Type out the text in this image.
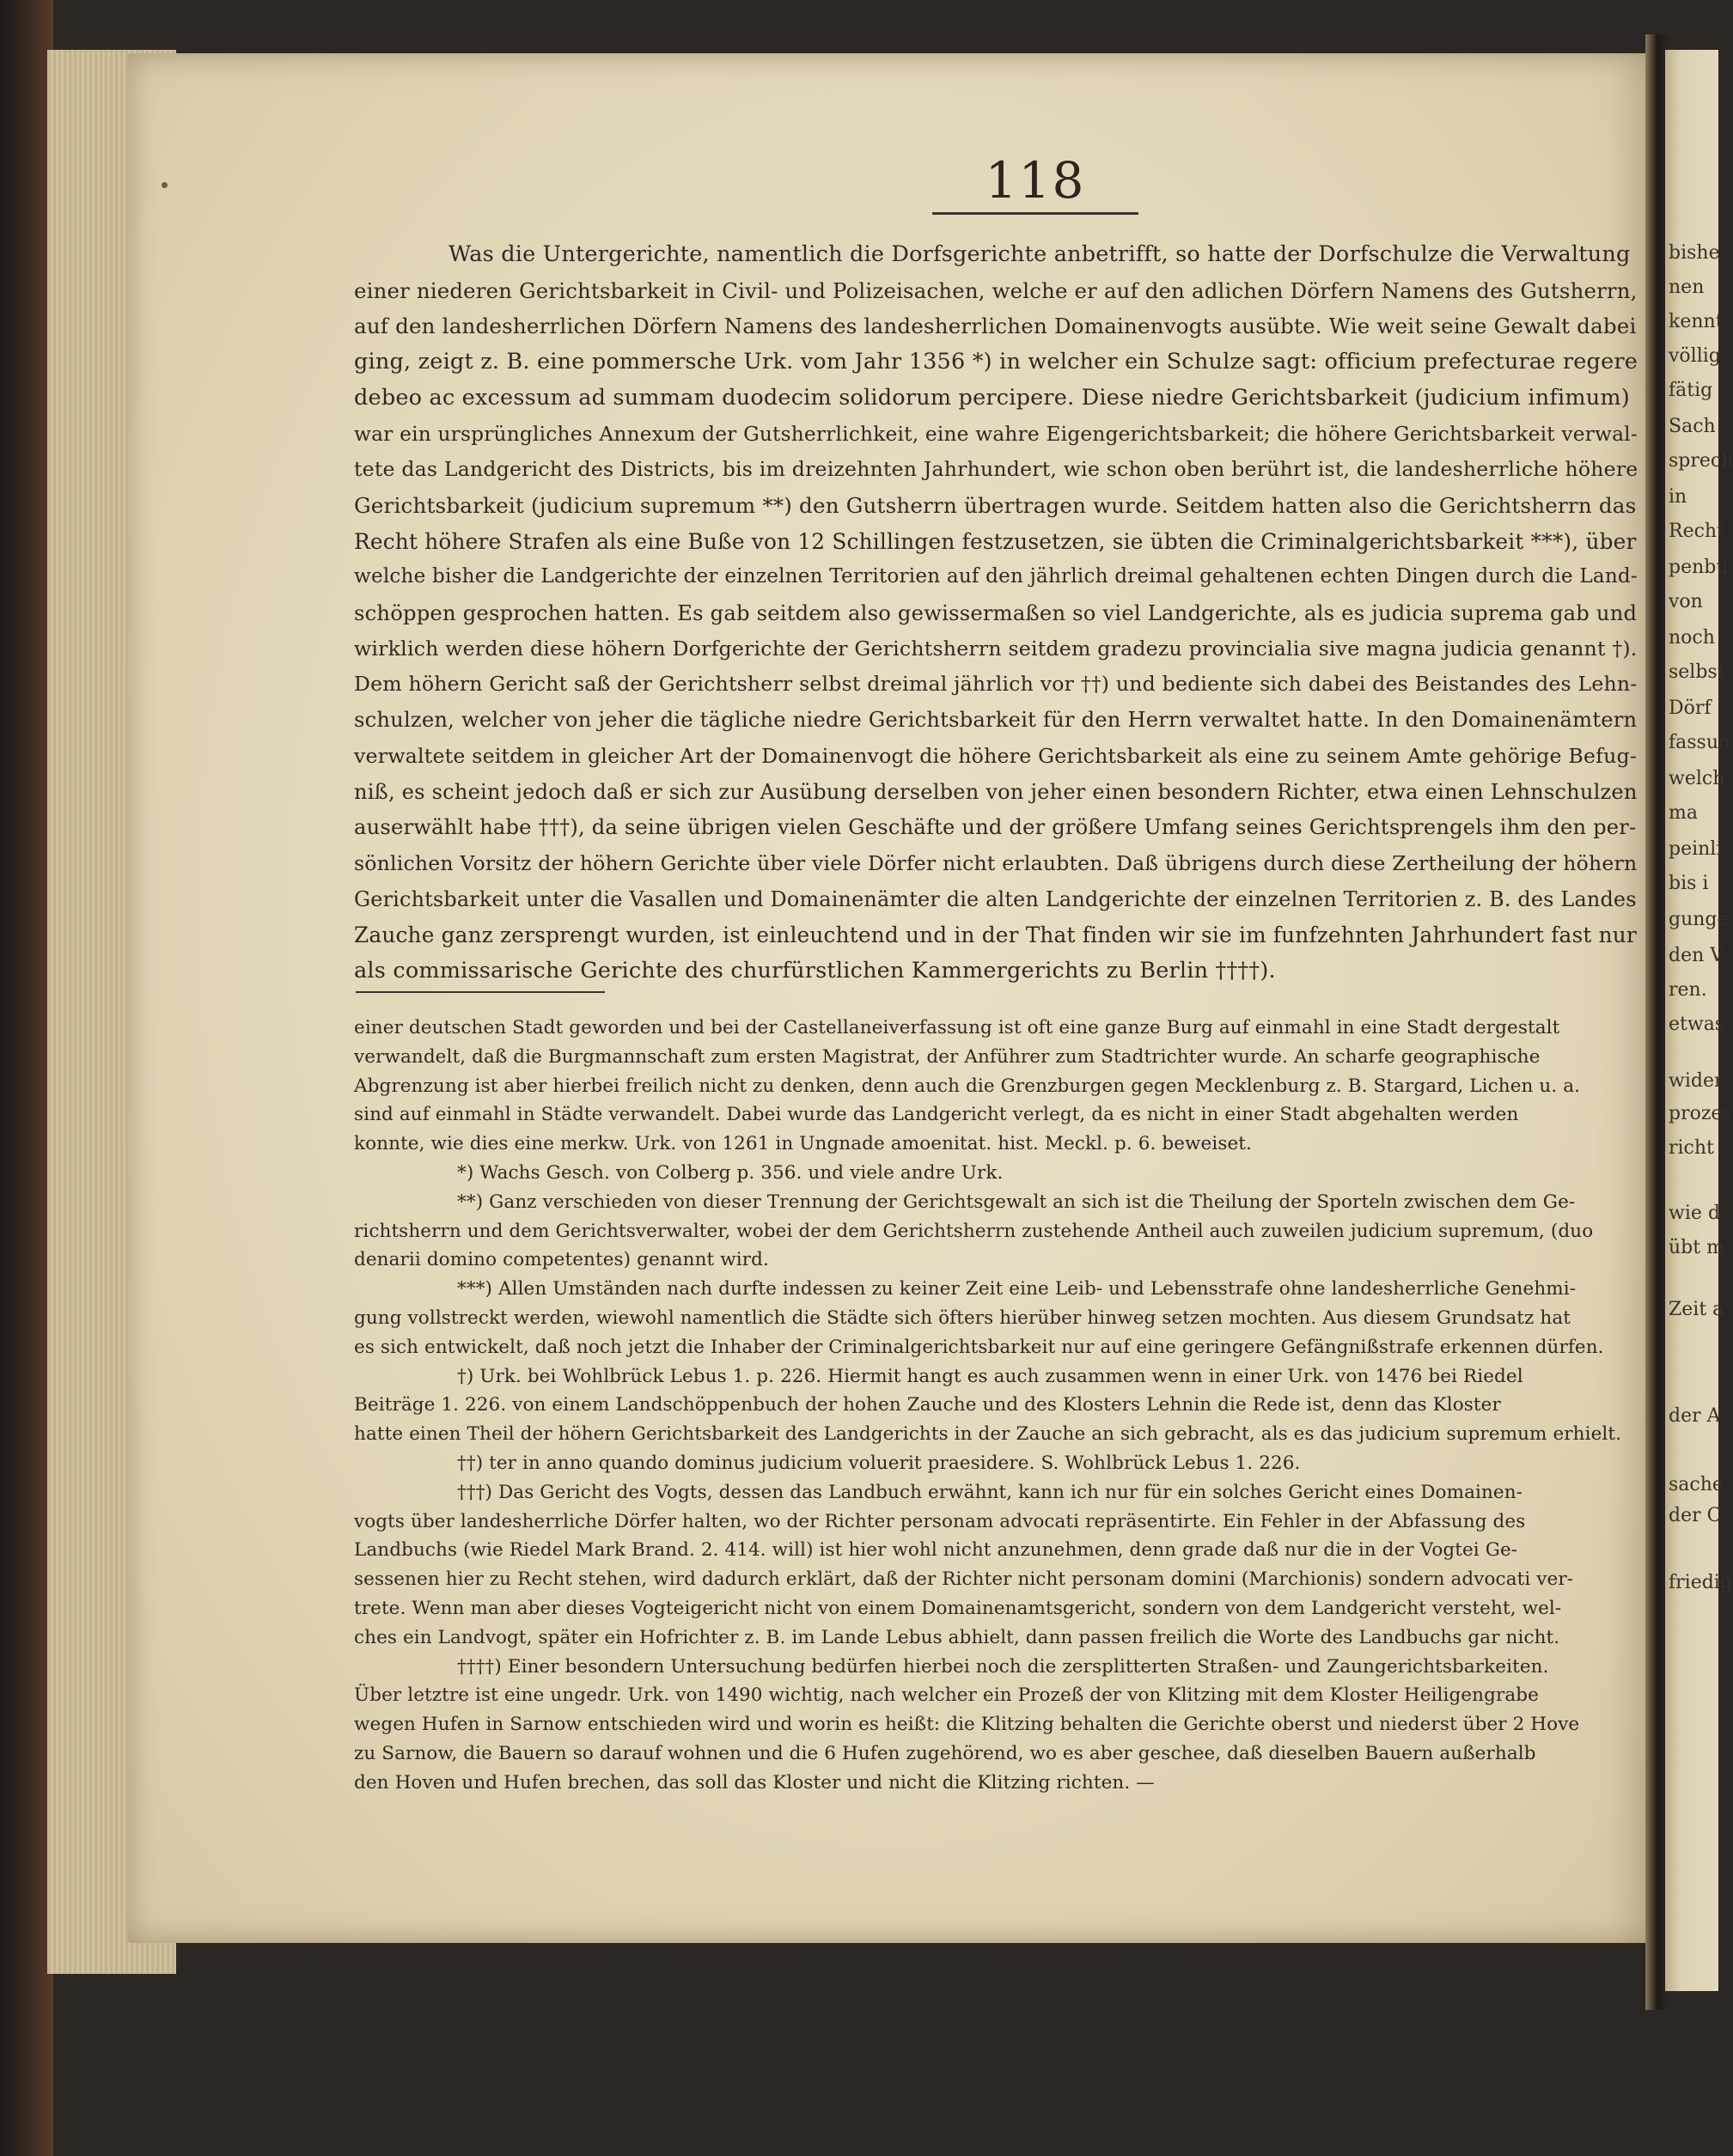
118
Was die Untergerichte, namentlich die Dorfsgerichte anbetrifft, so hatte der Dorfschulze die Verwaltung
einer niederen Gerichtsbarkeit in Civil- und Polizeisachen, welche er auf den adlichen Dörfern Namens des Gutsherrn,
auf den landesherrlichen Dörfern Namens des landesherrlichen Domainenvogts ausübte. Wie weit seine Gewalt dabei
ging, zeigt z. B. eine pommersche Urk. vom Jahr 1356 *) in welcher ein Schulze sagt: officium prefecturae regere
debeo ac excessum ad summam duodecim solidorum percipere. Diese niedre Gerichtsbarkeit (judicium infimum)
war ein ursprüngliches Annexum der Gutsherrlichkeit, eine wahre Eigengerichtsbarkeit; die höhere Gerichtsbarkeit verwal-
tete das Landgericht des Districts, bis im dreizehnten Jahrhundert, wie schon oben berührt ist, die landesherrliche höhere
Gerichtsbarkeit (judicium supremum **) den Gutsherrn übertragen wurde. Seitdem hatten also die Gerichtsherrn das
Recht höhere Strafen als eine Buße von 12 Schillingen festzusetzen, sie übten die Criminalgerichtsbarkeit ***), über
welche bisher die Landgerichte der einzelnen Territorien auf den jährlich dreimal gehaltenen echten Dingen durch die Land-
schöppen gesprochen hatten. Es gab seitdem also gewissermaßen so viel Landgerichte, als es judicia suprema gab und
wirklich werden diese höhern Dorfgerichte der Gerichtsherrn seitdem gradezu provincialia sive magna judicia genannt †).
Dem höhern Gericht saß der Gerichtsherr selbst dreimal jährlich vor ††) und bediente sich dabei des Beistandes des Lehn-
schulzen, welcher von jeher die tägliche niedre Gerichtsbarkeit für den Herrn verwaltet hatte. In den Domainenämtern
verwaltete seitdem in gleicher Art der Domainenvogt die höhere Gerichtsbarkeit als eine zu seinem Amte gehörige Befug-
niß, es scheint jedoch daß er sich zur Ausübung derselben von jeher einen besondern Richter, etwa einen Lehnschulzen
auserwählt habe †††), da seine übrigen vielen Geschäfte und der größere Umfang seines Gerichtsprengels ihm den per-
sönlichen Vorsitz der höhern Gerichte über viele Dörfer nicht erlaubten. Daß übrigens durch diese Zertheilung der höhern
Gerichtsbarkeit unter die Vasallen und Domainenämter die alten Landgerichte der einzelnen Territorien z. B. des Landes
Zauche ganz zersprengt wurden, ist einleuchtend und in der That finden wir sie im funfzehnten Jahrhundert fast nur
als commissarische Gerichte des churfürstlichen Kammergerichts zu Berlin ††††).
einer deutschen Stadt geworden und bei der Castellaneiverfassung ist oft eine ganze Burg auf einmahl in eine Stadt dergestalt
verwandelt, daß die Burgmannschaft zum ersten Magistrat, der Anführer zum Stadtrichter wurde. An scharfe geographische
Abgrenzung ist aber hierbei freilich nicht zu denken, denn auch die Grenzburgen gegen Mecklenburg z. B. Stargard, Lichen u. a.
sind auf einmahl in Städte verwandelt. Dabei wurde das Landgericht verlegt, da es nicht in einer Stadt abgehalten werden
konnte, wie dies eine merkw. Urk. von 1261 in Ungnade amoenitat. hist. Meckl. p. 6. beweiset.
*) Wachs Gesch. von Colberg p. 356. und viele andre Urk.
**) Ganz verschieden von dieser Trennung der Gerichtsgewalt an sich ist die Theilung der Sporteln zwischen dem Ge-
richtsherrn und dem Gerichtsverwalter, wobei der dem Gerichtsherrn zustehende Antheil auch zuweilen judicium supremum, (duo
denarii domino competentes) genannt wird.
***) Allen Umständen nach durfte indessen zu keiner Zeit eine Leib- und Lebensstrafe ohne landesherrliche Genehmi-
gung vollstreckt werden, wiewohl namentlich die Städte sich öfters hierüber hinweg setzen mochten. Aus diesem Grundsatz hat
es sich entwickelt, daß noch jetzt die Inhaber der Criminalgerichtsbarkeit nur auf eine geringere Gefängnißstrafe erkennen dürfen.
†) Urk. bei Wohlbrück Lebus 1. p. 226. Hiermit hangt es auch zusammen wenn in einer Urk. von 1476 bei Riedel
Beiträge 1. 226. von einem Landschöppenbuch der hohen Zauche und des Klosters Lehnin die Rede ist, denn das Kloster
hatte einen Theil der höhern Gerichtsbarkeit des Landgerichts in der Zauche an sich gebracht, als es das judicium supremum erhielt.
††) ter in anno quando dominus judicium voluerit praesidere. S. Wohlbrück Lebus 1. 226.
†††) Das Gericht des Vogts, dessen das Landbuch erwähnt, kann ich nur für ein solches Gericht eines Domainen-
vogts über landesherrliche Dörfer halten, wo der Richter personam advocati repräsentirte. Ein Fehler in der Abfassung des
Landbuchs (wie Riedel Mark Brand. 2. 414. will) ist hier wohl nicht anzunehmen, denn grade daß nur die in der Vogtei Ge-
sessenen hier zu Recht stehen, wird dadurch erklärt, daß der Richter nicht personam domini (Marchionis) sondern advocati ver-
trete. Wenn man aber dieses Vogteigericht nicht von einem Domainenamtsgericht, sondern von dem Landgericht versteht, wel-
ches ein Landvogt, später ein Hofrichter z. B. im Lande Lebus abhielt, dann passen freilich die Worte des Landbuchs gar nicht.
††††) Einer besondern Untersuchung bedürfen hierbei noch die zersplitterten Straßen- und Zaungerichtsbarkeiten.
Über letztre ist eine ungedr. Urk. von 1490 wichtig, nach welcher ein Prozeß der von Klitzing mit dem Kloster Heiligengrabe
wegen Hufen in Sarnow entschieden wird und worin es heißt: die Klitzing behalten die Gerichte oberst und niederst über 2 Hove
zu Sarnow, die Bauern so darauf wohnen und die 6 Hufen zugehörend, wo es aber geschee, daß dieselben Bauern außerhalb
den Hoven und Hufen brechen, das soll das Kloster und nicht die Klitzing richten. —
bishe
nen
kennt
völlig
fätig
Sach
sprech
in
Recht
penbu
von
noch
selbst
Dörf
fassun
welch
ma
peinli
bis i
gunge
den V
ren.
etwas
wider
prozes
richt
wie d
übt m
Zeit a
der A
sache
der C
friedig
